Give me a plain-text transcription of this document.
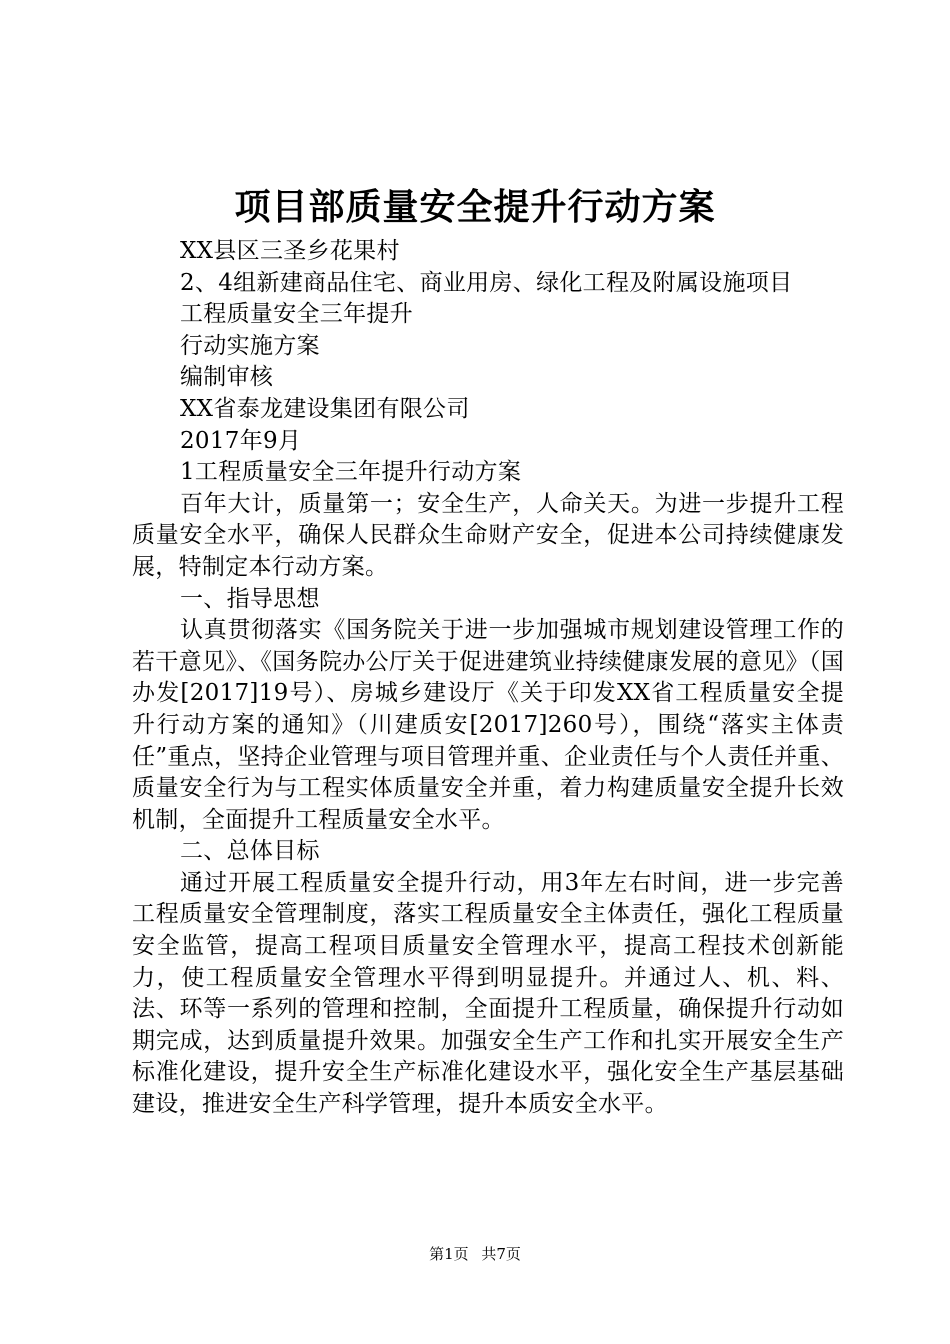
项目部质量安全提升行动方案

XX县区三圣乡花果村

2、4组新建商品住宅、商业用房、绿化工程及附属设施项目

工程质量安全三年提升

行动实施方案

编制审核

XX省泰龙建设集团有限公司

2017年9月

1工程质量安全三年提升行动方案

百年大计，质量第一；安全生产，人命关天。为进一步提升工程质量安全水平，确保人民群众生命财产安全，促进本公司持续健康发展，特制定本行动方案。

一、指导思想

认真贯彻落实《国务院关于进一步加强城市规划建设管理工作的若干意见》、《国务院办公厅关于促进建筑业持续健康发展的意见》（国办发[2017]19号）、房城乡建设厅《关于印发XX省工程质量安全提升行动方案的通知》（川建质安[2017]260号），围绕“落实主体责任”重点，坚持企业管理与项目管理并重、企业责任与个人责任并重、质量安全行为与工程实体质量安全并重，着力构建质量安全提升长效机制，全面提升工程质量安全水平。

二、总体目标

通过开展工程质量安全提升行动，用3年左右时间，进一步完善工程质量安全管理制度，落实工程质量安全主体责任，强化工程质量安全监管，提高工程项目质量安全管理水平，提高工程技术创新能力，使工程质量安全管理水平得到明显提升。并通过人、机、料、法、环等一系列的管理和控制，全面提升工程质量，确保提升行动如期完成，达到质量提升效果。加强安全生产工作和扎实开展安全生产标准化建设，提升安全生产标准化建设水平，强化安全生产基层基础建设，推进安全生产科学管理，提升本质安全水平。

第1页 共7页
